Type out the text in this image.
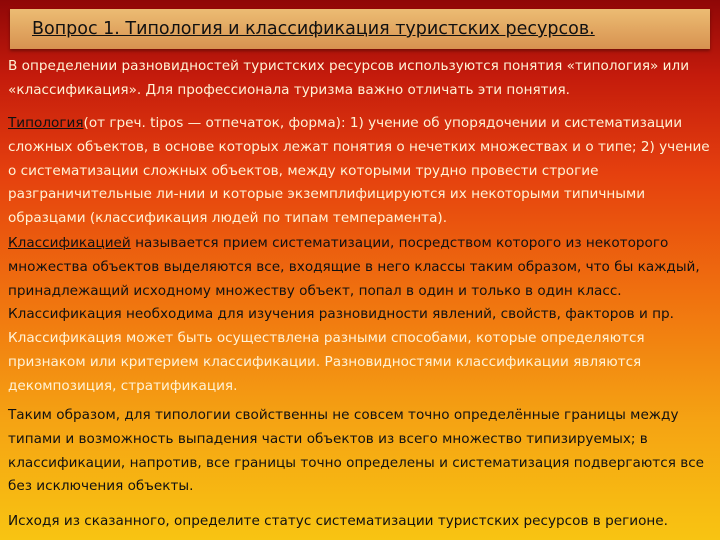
Вопрос 1. Типология и классификация туристских ресурсов.

В определении разновидностей туристских ресурсов используются понятия «типология» или «классификация». Для профессионала туризма важно отличать эти понятия.

Типология(от греч. tipos — отпечаток, форма): 1) учение об упорядочении и систематизации сложных объектов, в основе которых лежат понятия о нечетких множествах и о типе; 2) учение о систематизации сложных объектов, между которыми трудно провести строгие разграничительные ли-нии и которые экземплифицируются их некоторыми типичными образцами (классификация людей по типам темперамента).

Классификацией называется прием систематизации, посредством которого из некоторого множества объектов выделяются все, входящие в него классы таким образом, что бы каждый, принадлежащий исходному множеству объект, попал в один и только в один класс. Классификация необходима для изучения разновидности явлений, свойств, факторов и пр. Классификация может быть осуществлена разными способами, которые определяются признаком или критерием классификации. Разновидностями классификации являются декомпозиция, стратификация.

Таким образом, для типологии свойственны не совсем точно определённые границы между типами и возможность выпадения части объектов из всего множество типизируемых; в классификации, напротив, все границы точно определены и систематизация подвергаются все без исключения объекты.

Исходя из сказанного, определите статус систематизации туристских ресурсов в регионе.
